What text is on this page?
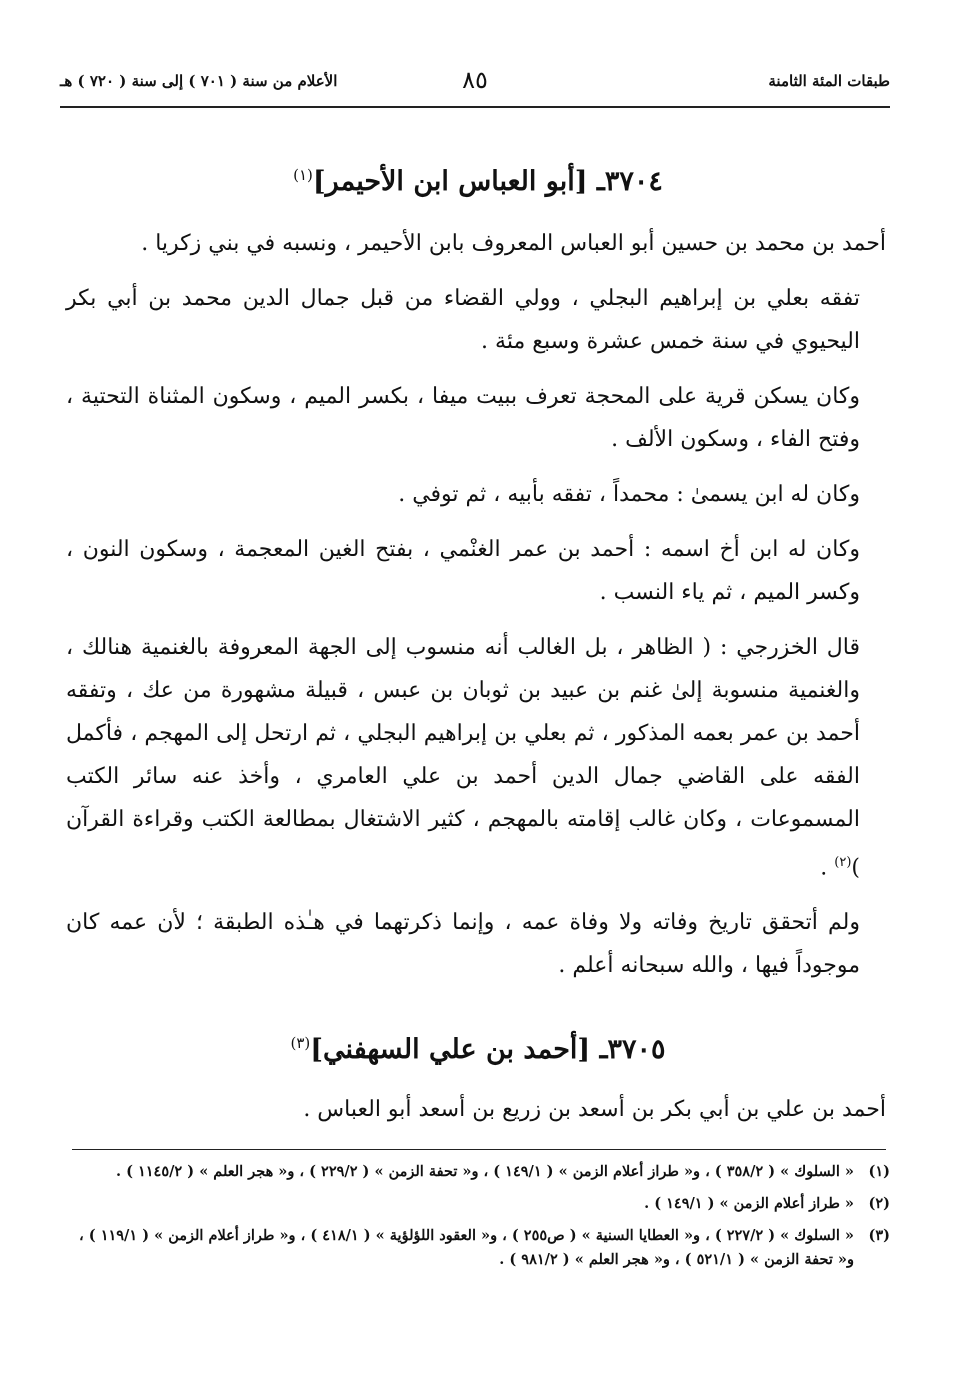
طبقات المئة الثامنة
٨٥
الأعلام من سنة ( ٧٠١ ) إلى سنة ( ٧٢٠ ) هـ
٣٧٠٤ـ [أبو العباس ابن الأحيمر]$^{(١)}$

أحمد بن محمد بن حسين أبو العباس المعروف بابن الأحيمر ، ونسبه في بني زكريا .

تفقه بعلي بن إبراهيم البجلي ، وولي القضاء من قبل جمال الدين محمد بن أبي بكر اليحيوي في سنة خمس عشرة وسبع مئة .

وكان يسكن قرية على المحجة تعرف ببيت ميفا ، بكسر الميم ، وسكون المثناة التحتية ، وفتح الفاء ، وسكون الألف .

وكان له ابن يسمىٰ : محمداً ، تفقه بأبيه ، ثم توفي .

وكان له ابن أخ اسمه : أحمد بن عمر الغنْمي ، بفتح الغين المعجمة ، وسكون النون ، وكسر الميم ، ثم ياء النسب .

قال الخزرجي : ( الظاهر ، بل الغالب أنه منسوب إلى الجهة المعروفة بالغنمية هنالك ، والغنمية منسوبة إلىٰ غنم بن عبيد بن ثوبان بن عبس ، قبيلة مشهورة من عك ، وتفقه أحمد بن عمر بعمه المذكور ، ثم بعلي بن إبراهيم البجلي ، ثم ارتحل إلى المهجم ، فأكمل الفقه على القاضي جمال الدين أحمد بن علي العامري ، وأخذ عنه سائر الكتب المسموعات ، وكان غالب إقامته بالمهجم ، كثير الاشتغال بمطالعة الكتب وقراءة القرآن )$^{(٢)}$ .

ولم أتحقق تاريخ وفاته ولا وفاة عمه ، وإنما ذكرتهما في هـٰذه الطبقة ؛ لأن عمه كان موجوداً فيها ، والله سبحانه أعلم .

٣٧٠٥ـ [أحمد بن علي السهفني]$^{(٣)}$

أحمد بن علي بن أبي بكر بن أسعد بن زريع بن أسعد أبو العباس .

(١)
« السلوك » ( ٣٥٨/٢ ) ، و« طراز أعلام الزمن » ( ١٤٩/١ ) ، و« تحفة الزمن » ( ٢٢٩/٢ ) ، و« هجر العلم » ( ١١٤٥/٢ ) .
(٢)
« طراز أعلام الزمن » ( ١٤٩/١ ) .
(٣)
« السلوك » ( ٢٢٧/٢ ) ، و« العطايا السنية » ( ص٢٥٥ ) ، و« العقود اللؤلؤية » ( ٤١٨/١ ) ، و« طراز أعلام الزمن » ( ١١٩/١ ) ، و« تحفة الزمن » ( ٥٢١/١ ) ، و« هجر العلم » ( ٩٨١/٢ ) .
